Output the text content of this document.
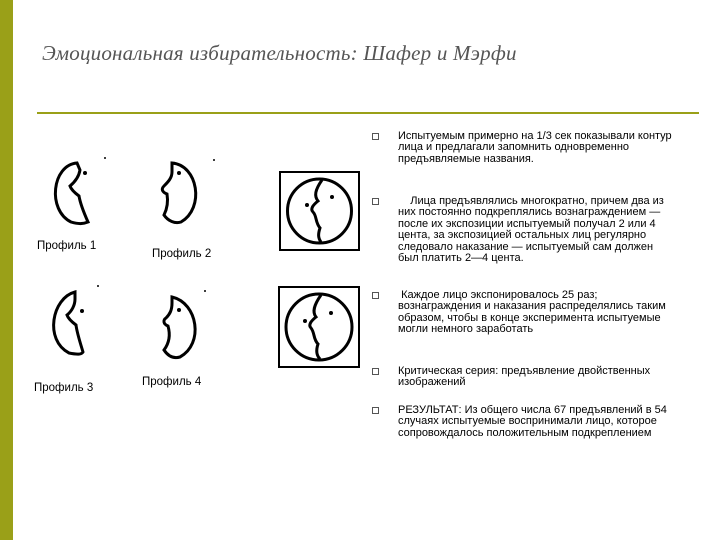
Эмоциональная избирательность: Шафер и Мэрфи
Профиль 1
Профиль 2
Профиль 3	Профиль 4
Испытуемым примерно на 1/3 сек показывали контур лица и предлагали запомнить одновременно предъявляемые названия.
Лица предъявлялись многократно, причем два из них постоянно подкреплялись вознаграждением — после их экспозиции испытуемый получал 2 или 4 цента, за экспозицией остальных лиц регулярно следовало наказание — испытуемый сам должен был платить 2—4 цента.
Каждое лицо экспонировалось 25 раз; вознаграждения и наказания распределялись таким образом, чтобы в конце эксперимента испытуемые могли немного заработать
Критическая серия: предъявление двойственных изображений
РЕЗУЛЬТАТ: Из общего числа 67 предъявлений в 54 случаях испытуемые воспринимали лицо, которое сопровождалось положительным подкреплением
